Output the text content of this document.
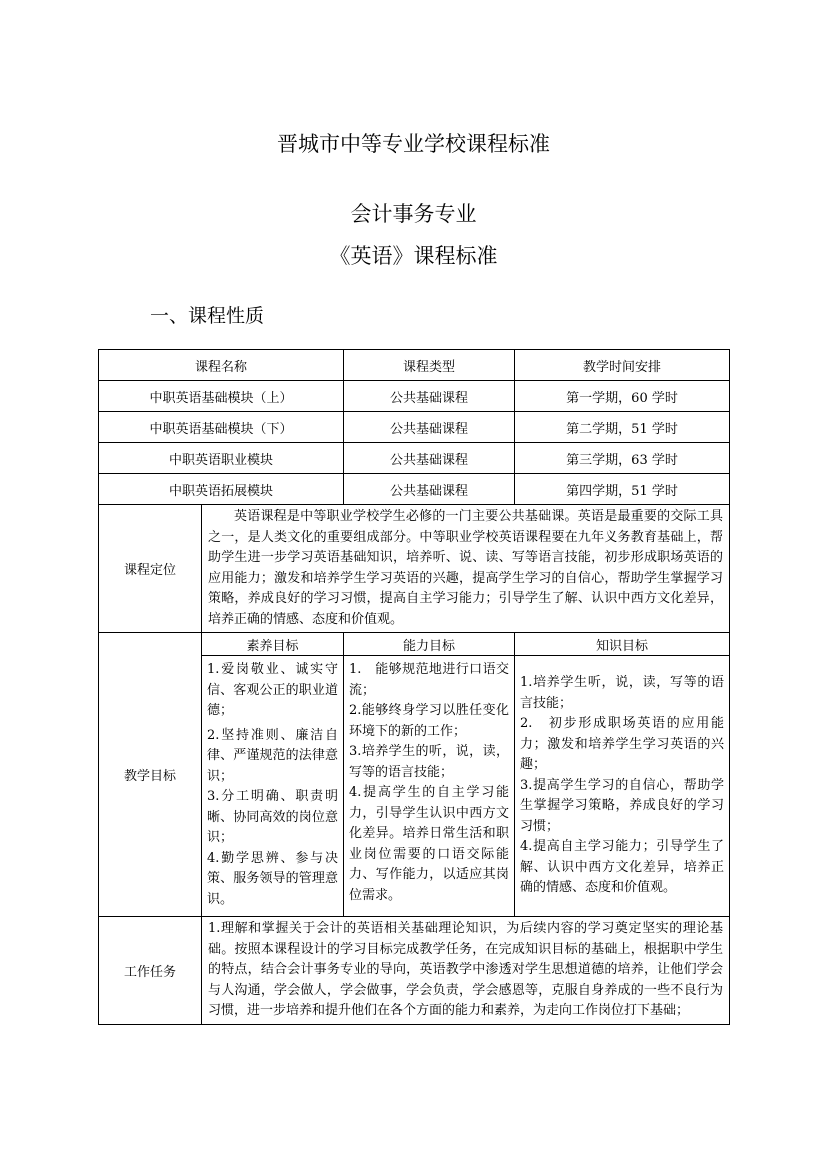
晋城市中等专业学校课程标准
会计事务专业
《英语》课程标准
一、课程性质
课程名称		课程类型	教学时间安排
中职英语基础模块（上）		公共基础课程	第一学期，60 学时
中职英语基础模块（下）		公共基础课程	第二学期，51 学时
中职英语职业模块		公共基础课程	第三学期，63 学时
中职英语拓展模块		公共基础课程	第四学期，51 学时
课程定位	英语课程是中等职业学校学生必修的一门主要公共基础课。英语是最重要的交际工具之一，是人类文化的重要组成部分。中等职业学校英语课程要在九年义务教育基础上，帮助学生进一步学习英语基础知识，培养听、说、读、写等语言技能，初步形成职场英语的应用能力；激发和培养学生学习英语的兴趣，提高学生学习的自信心，帮助学生掌握学习策略，养成良好的学习习惯，提高自主学习能力；引导学生了解、认识中西方文化差异，培养正确的情感、态度和价值观。		
教学目标	素养目标	能力目标	知识目标

	1.爱岗敬业、诚实守信、客观公正的职业道德；
2.坚持准则、廉洁自律、严谨规范的法律意识；
3.分工明确、职责明晰、协同高效的岗位意识；
4.勤学思辨、参与决策、服务领导的管理意识。	1.　能够规范地进行口语交流；
2.能够终身学习以胜任变化环境下的新的工作；
3.培养学生的听，说，读，写等的语言技能；
4.提高学生的自主学习能力，引导学生认识中西方文化差异。培养日常生活和职业岗位需要的口语交际能力、写作能力，以适应其岗位需求。	1.培养学生听，说，读，写等的语言技能；
2.　初步形成职场英语的应用能力；激发和培养学生学习英语的兴趣；
3.提高学生学习的自信心，帮助学生掌握学习策略，养成良好的学习习惯；
4.提高自主学习能力；引导学生了解、认识中西方文化差异，培养正确的情感、态度和价值观。

工作任务	1.理解和掌握关于会计的英语相关基础理论知识，为后续内容的学习奠定坚实的理论基础。按照本课程设计的学习目标完成教学任务，在完成知识目标的基础上，根据职中学生的特点，结合会计事务专业的导向，英语教学中渗透对学生思想道德的培养，让他们学会与人沟通，学会做人，学会做事，学会负责，学会感恩等，克服自身养成的一些不良行为习惯，进一步培养和提升他们在各个方面的能力和素养，为走向工作岗位打下基础；		
